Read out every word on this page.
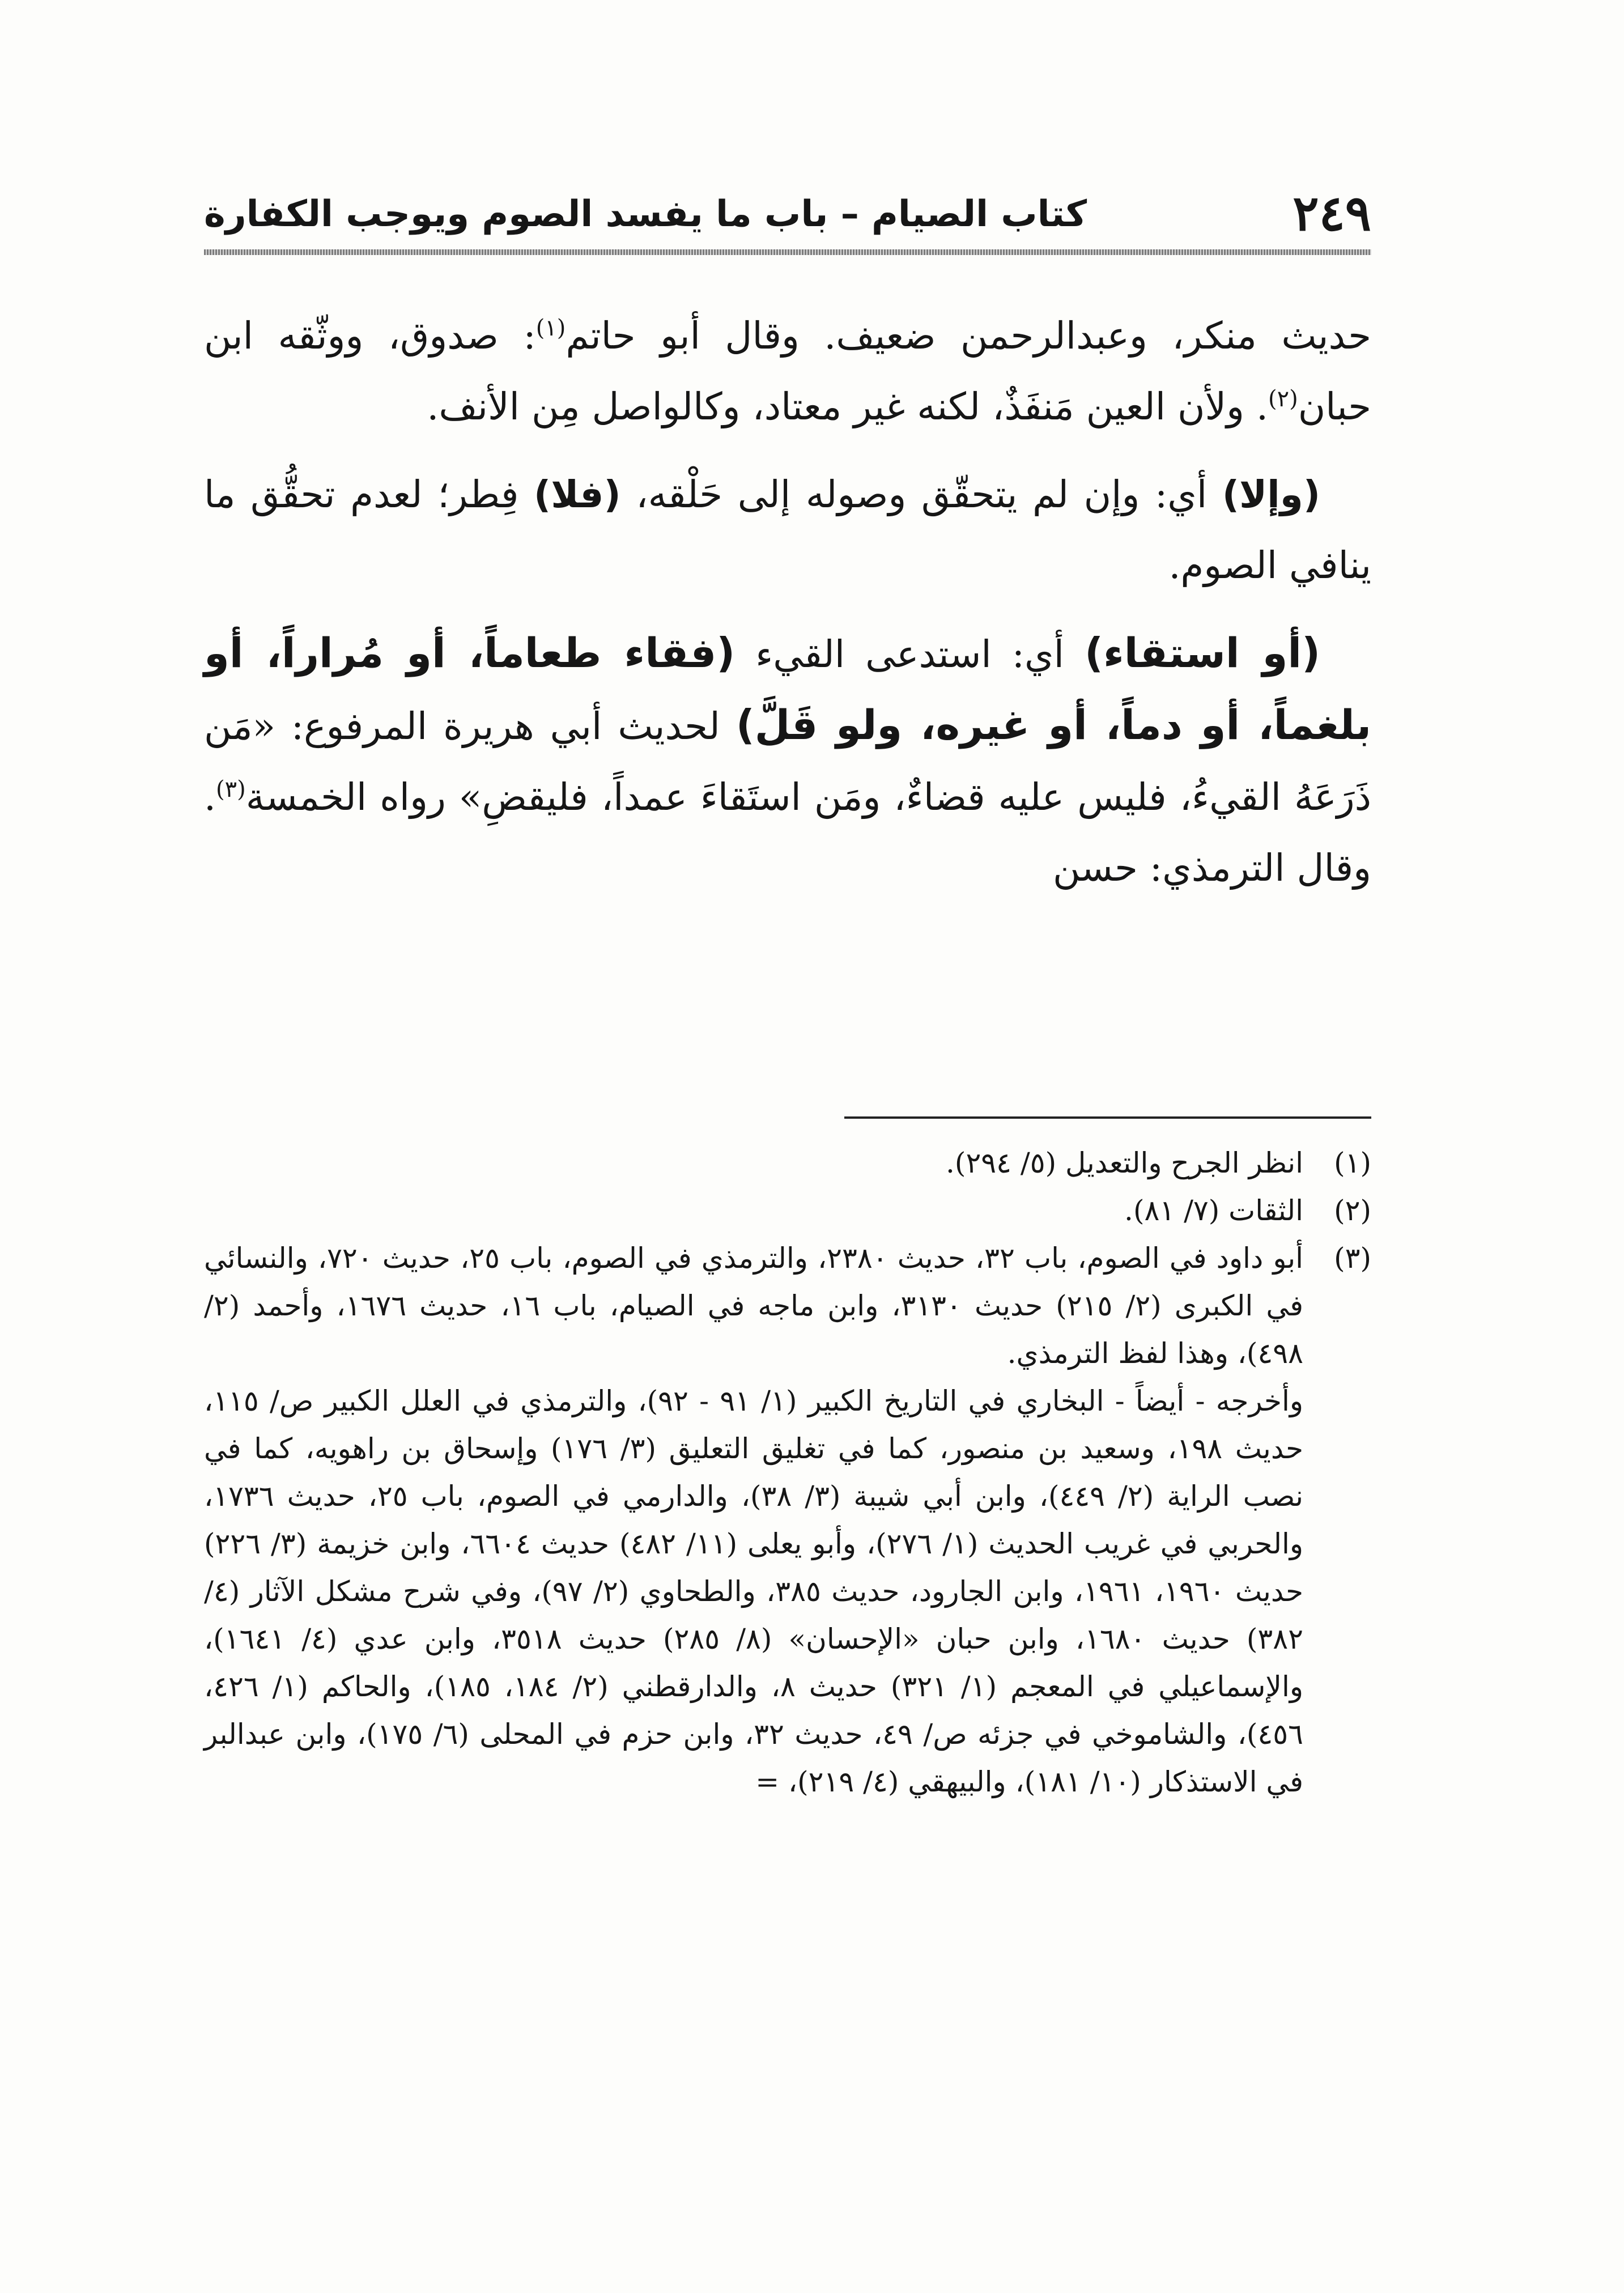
٢٤٩
كتاب الصيام – باب ما يفسد الصوم ويوجب الكفارة

حديث منكر، وعبدالرحمن ضعيف. وقال أبو حاتم$^{(١)}$: صدوق، ووثّقه ابن حبان$^{(٢)}$. ولأن العين مَنفَذٌ، لكنه غير معتاد، وكالواصل مِن الأنف.

(وإلا) أي: وإن لم يتحقّق وصوله إلى حَلْقه، (فلا) فِطر؛ لعدم تحقُّق ما ينافي الصوم.

(أو استقاء) أي: استدعى القيء (فقاء طعاماً، أو مُراراً، أو بلغماً، أو دماً، أو غيره، ولو قَلَّ) لحديث أبي هريرة المرفوع: «مَن ذَرَعَهُ القيءُ، فليس عليه قضاءٌ، ومَن استَقاءَ عمداً، فليقضِ» رواه الخمسة$^{(٣)}$. وقال الترمذي: حسن

(١)
انظر الجرح والتعديل (٥/ ٢٩٤).
(٢)
الثقات (٧/ ٨١).
(٣)
أبو داود في الصوم، باب ٣٢، حديث ٢٣٨٠، والترمذي في الصوم، باب ٢٥، حديث ٧٢٠، والنسائي في الكبرى (٢/ ٢١٥) حديث ٣١٣٠، وابن ماجه في الصيام، باب ١٦، حديث ١٦٧٦، وأحمد (٢/ ٤٩٨)، وهذا لفظ الترمذي.

وأخرجه - أيضاً - البخاري في التاريخ الكبير (١/ ٩١ - ٩٢)، والترمذي في العلل الكبير ص/ ١١٥، حديث ١٩٨، وسعيد بن منصور، كما في تغليق التعليق (٣/ ١٧٦) وإسحاق بن راهويه، كما في نصب الراية (٢/ ٤٤٩)، وابن أبي شيبة (٣/ ٣٨)، والدارمي في الصوم، باب ٢٥، حديث ١٧٣٦، والحربي في غريب الحديث (١/ ٢٧٦)، وأبو يعلى (١١/ ٤٨٢) حديث ٦٦٠٤، وابن خزيمة (٣/ ٢٢٦) حديث ١٩٦٠، ١٩٦١، وابن الجارود، حديث ٣٨٥، والطحاوي (٢/ ٩٧)، وفي شرح مشكل الآثار (٤/ ٣٨٢) حديث ١٦٨٠، وابن حبان «الإحسان» (٨/ ٢٨٥) حديث ٣٥١٨، وابن عدي (٤/ ١٦٤١)، والإسماعيلي في المعجم (١/ ٣٢١) حديث ٨، والدارقطني (٢/ ١٨٤، ١٨٥)، والحاكم (١/ ٤٢٦، ٤٥٦)، والشاموخي في جزئه ص/ ٤٩، حديث ٣٢، وابن حزم في المحلى (٦/ ١٧٥)، وابن عبدالبر في الاستذكار (١٠/ ١٨١)، والبيهقي (٤/ ٢١٩)، =
